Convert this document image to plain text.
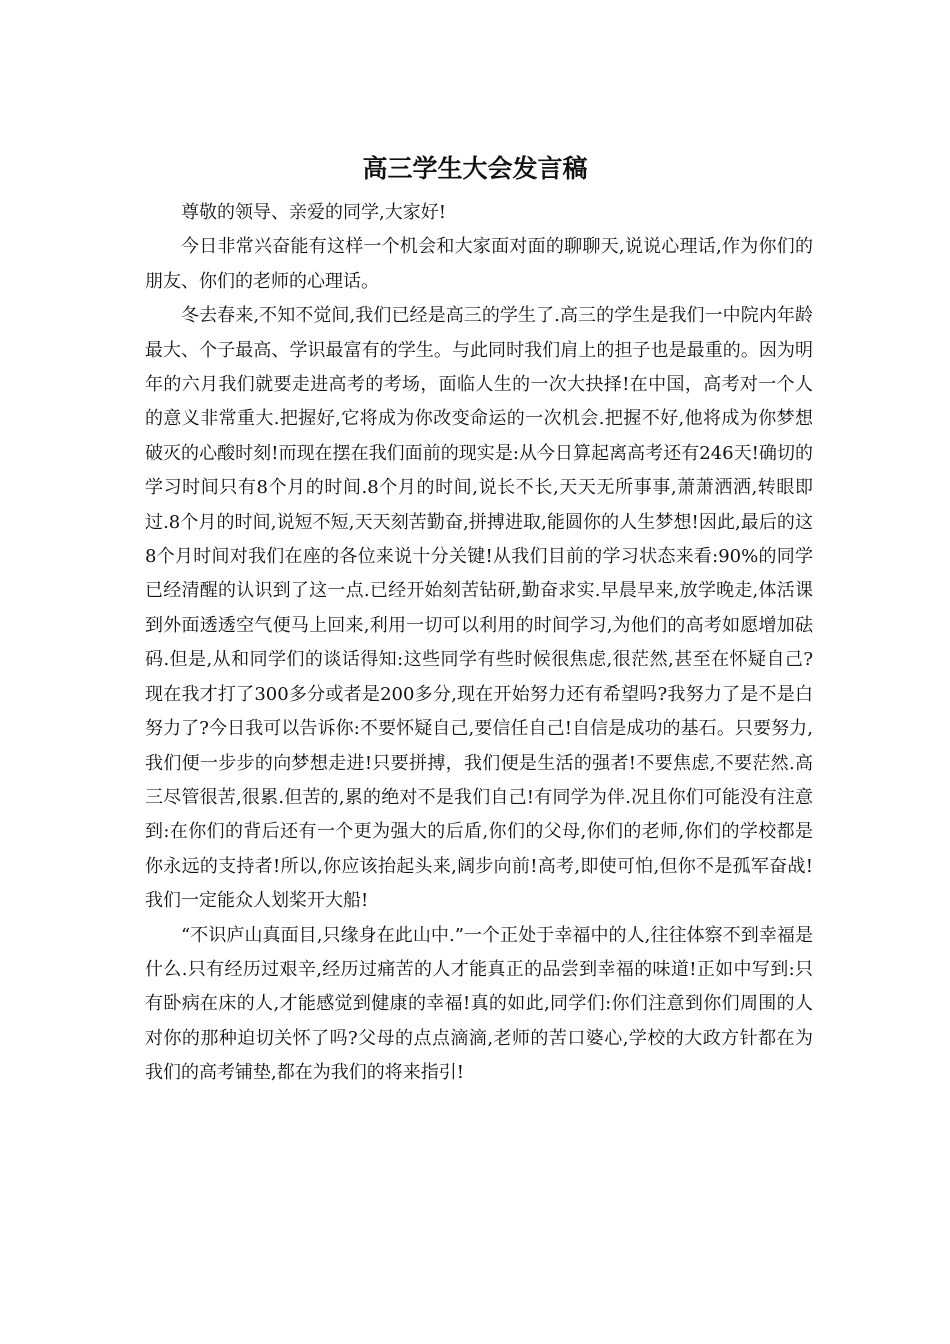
高三学生大会发言稿

尊敬的领导、亲爱的同学,大家好!

今日非常兴奋能有这样一个机会和大家面对面的聊聊天,说说心理话,作为你们的朋友、你们的老师的心理话。

冬去春来,不知不觉间,我们已经是高三的学生了.高三的学生是我们一中院内年龄最大、个子最高、学识最富有的学生。与此同时我们肩上的担子也是最重的。因为明年的六月我们就要走进高考的考场，面临人生的一次大抉择!在中国，高考对一个人的意义非常重大.把握好,它将成为你改变命运的一次机会.把握不好,他将成为你梦想破灭的心酸时刻!而现在摆在我们面前的现实是:从今日算起离高考还有246天!确切的学习时间只有8个月的时间.8个月的时间,说长不长,天天无所事事,萧萧洒洒,转眼即过.8个月的时间,说短不短,天天刻苦勤奋,拼搏进取,能圆你的人生梦想!因此,最后的这8个月时间对我们在座的各位来说十分关键!从我们目前的学习状态来看:90%的同学已经清醒的认识到了这一点.已经开始刻苦钻研,勤奋求实.早晨早来,放学晚走,体活课到外面透透空气便马上回来,利用一切可以利用的时间学习,为他们的高考如愿增加砝码.但是,从和同学们的谈话得知:这些同学有些时候很焦虑,很茫然,甚至在怀疑自己?现在我才打了300多分或者是200多分,现在开始努力还有希望吗?我努力了是不是白努力了?今日我可以告诉你:不要怀疑自己,要信任自己!自信是成功的基石。只要努力,我们便一步步的向梦想走进!只要拼搏，我们便是生活的强者!不要焦虑,不要茫然.高三尽管很苦,很累.但苦的,累的绝对不是我们自己!有同学为伴.况且你们可能没有注意到:在你们的背后还有一个更为强大的后盾,你们的父母,你们的老师,你们的学校都是你永远的支持者!所以,你应该抬起头来,阔步向前!高考,即使可怕,但你不是孤军奋战!我们一定能众人划桨开大船!

“不识庐山真面目,只缘身在此山中.”一个正处于幸福中的人,往往体察不到幸福是什么.只有经历过艰辛,经历过痛苦的人才能真正的品尝到幸福的味道!正如中写到:只有卧病在床的人,才能感觉到健康的幸福!真的如此,同学们:你们注意到你们周围的人对你的那种迫切关怀了吗?父母的点点滴滴,老师的苦口婆心,学校的大政方针都在为我们的高考铺垫,都在为我们的将来指引!
